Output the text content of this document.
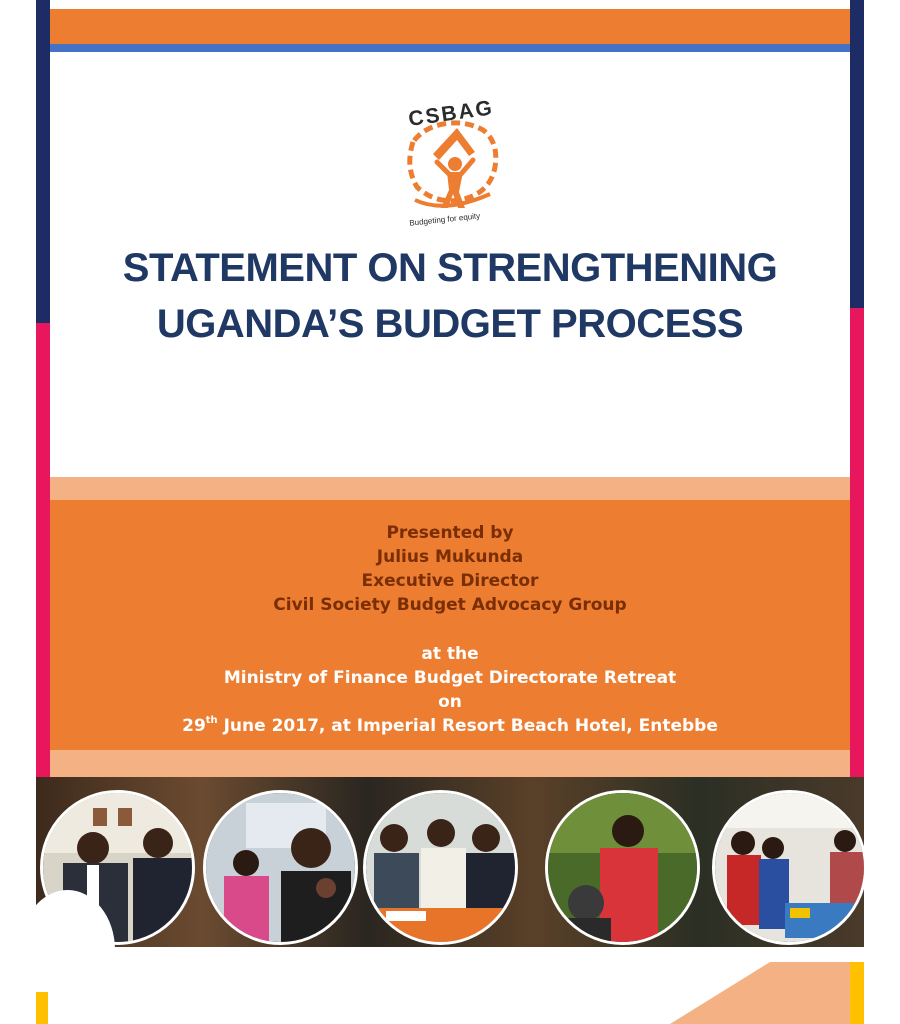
CSBAG
Budgeting for equity
STATEMENT ON STRENGTHENING
UGANDA’S BUDGET PROCESS
Presented by
Julius Mukunda
Executive Director
Civil Society Budget Advocacy Group
at the
Ministry of Finance Budget Directorate Retreat
on
29th June 2017, at Imperial Resort Beach Hotel, Entebbe
